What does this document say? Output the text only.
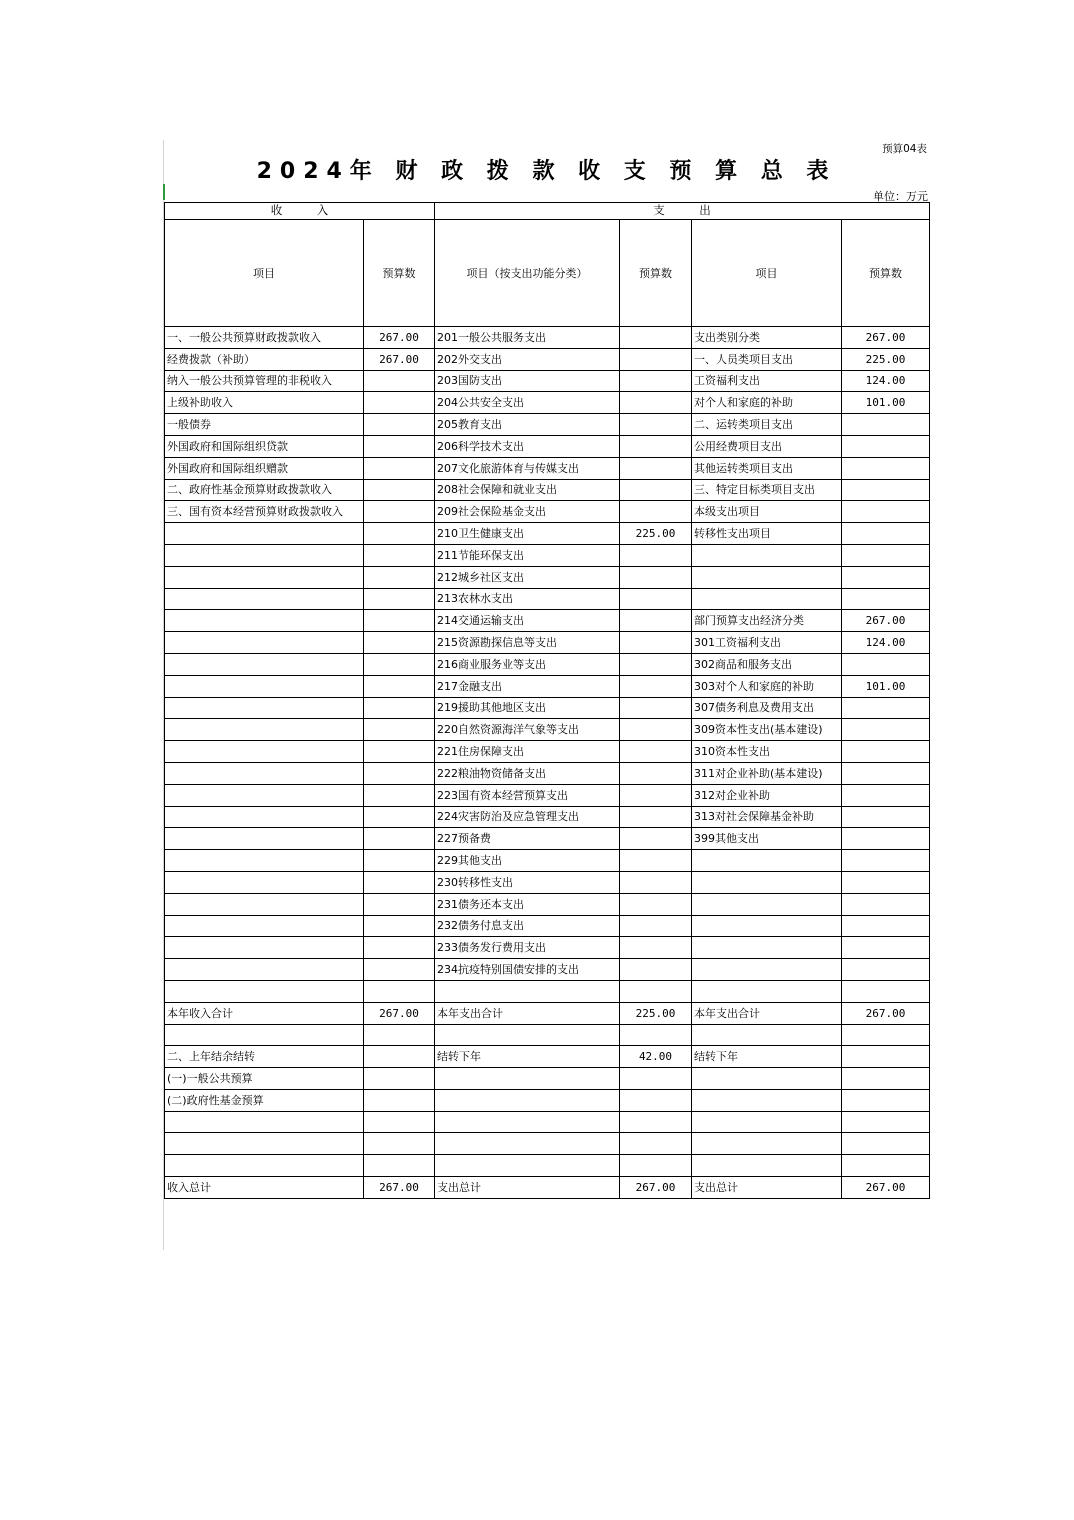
预算04表
2024年 财 政 拨 款 收 支 预 算 总 表
单位：万元
收　　　入		支　　　出			
项目	预算数	项目（按支出功能分类）	预算数	项目	预算数
一、一般公共预算财政拨款收入	267.00	201一般公共服务支出		支出类别分类	267.00
经费拨款（补助）	267.00	202外交支出		一、人员类项目支出	225.00
纳入一般公共预算管理的非税收入		203国防支出		工资福利支出	124.00
上级补助收入		204公共安全支出		对个人和家庭的补助	101.00
一般债券		205教育支出		二、运转类项目支出	
外国政府和国际组织贷款		206科学技术支出		公用经费项目支出	
外国政府和国际组织赠款		207文化旅游体育与传媒支出		其他运转类项目支出	
二、政府性基金预算财政拨款收入		208社会保障和就业支出		三、特定目标类项目支出	
三、国有资本经营预算财政拨款收入		209社会保险基金支出		本级支出项目	
		210卫生健康支出	225.00	转移性支出项目	
		211节能环保支出			
		212城乡社区支出			
		213农林水支出			
		214交通运输支出		部门预算支出经济分类	267.00
		215资源勘探信息等支出		301工资福利支出	124.00
		216商业服务业等支出		302商品和服务支出	
		217金融支出		303对个人和家庭的补助	101.00
		219援助其他地区支出		307债务利息及费用支出	
		220自然资源海洋气象等支出		309资本性支出(基本建设)	
		221住房保障支出		310资本性支出	
		222粮油物资储备支出		311对企业补助(基本建设)	
		223国有资本经营预算支出		312对企业补助	
		224灾害防治及应急管理支出		313对社会保障基金补助	
		227预备费		399其他支出	
		229其他支出			
		230转移性支出			
		231债务还本支出			
		232债务付息支出			
		233债务发行费用支出			
		234抗疫特别国债安排的支出			

本年收入合计	267.00	本年支出合计	225.00	本年支出合计	267.00

二、上年结余结转		结转下年	42.00	结转下年	
(一)一般公共预算					
(二)政府性基金预算					

收入总计	267.00	支出总计	267.00	支出总计	267.00
